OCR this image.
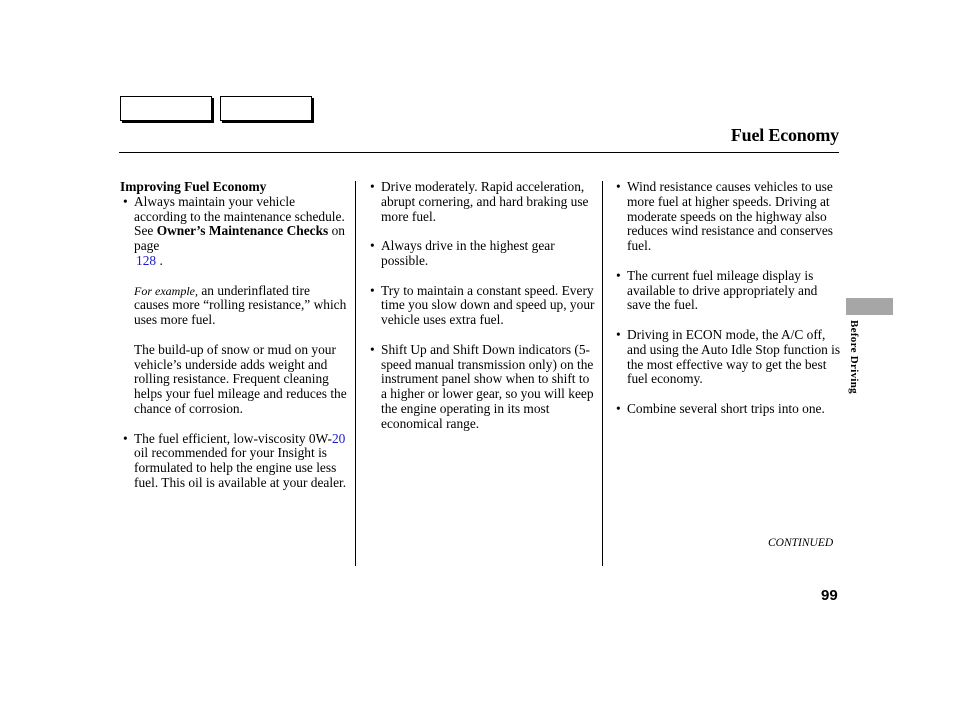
Fuel Economy
Improving Fuel Economy
• Always maintain your vehicle according to the maintenance schedule. See Owner’s Maintenance Checks on page
128 .
For example, an underinflated tire causes more “rolling resistance,” which uses more fuel.
The build-up of snow or mud on your vehicle’s underside adds weight and rolling resistance. Frequent cleaning helps your fuel mileage and reduces the chance of corrosion.
• The fuel efficient, low-viscosity 0W-20 oil recommended for your Insight is formulated to help the engine use less fuel. This oil is available at your dealer.
• Drive moderately. Rapid acceleration, abrupt cornering, and hard braking use more fuel.
• Always drive in the highest gear possible.
• Try to maintain a constant speed. Every time you slow down and speed up, your vehicle uses extra fuel.
• Shift Up and Shift Down indicators (5-speed manual transmission only) on the instrument panel show when to shift to a higher or lower gear, so you will keep the engine operating in its most economical range.
• Wind resistance causes vehicles to use more fuel at higher speeds. Driving at moderate speeds on the highway also reduces wind resistance and conserves fuel.
• The current fuel mileage display is available to drive appropriately and save the fuel.
• Driving in ECON mode, the A/C off, and using the Auto Idle Stop function is the most effective way to get the best fuel economy.
• Combine several short trips into one.
Before Driving
CONTINUED
99
